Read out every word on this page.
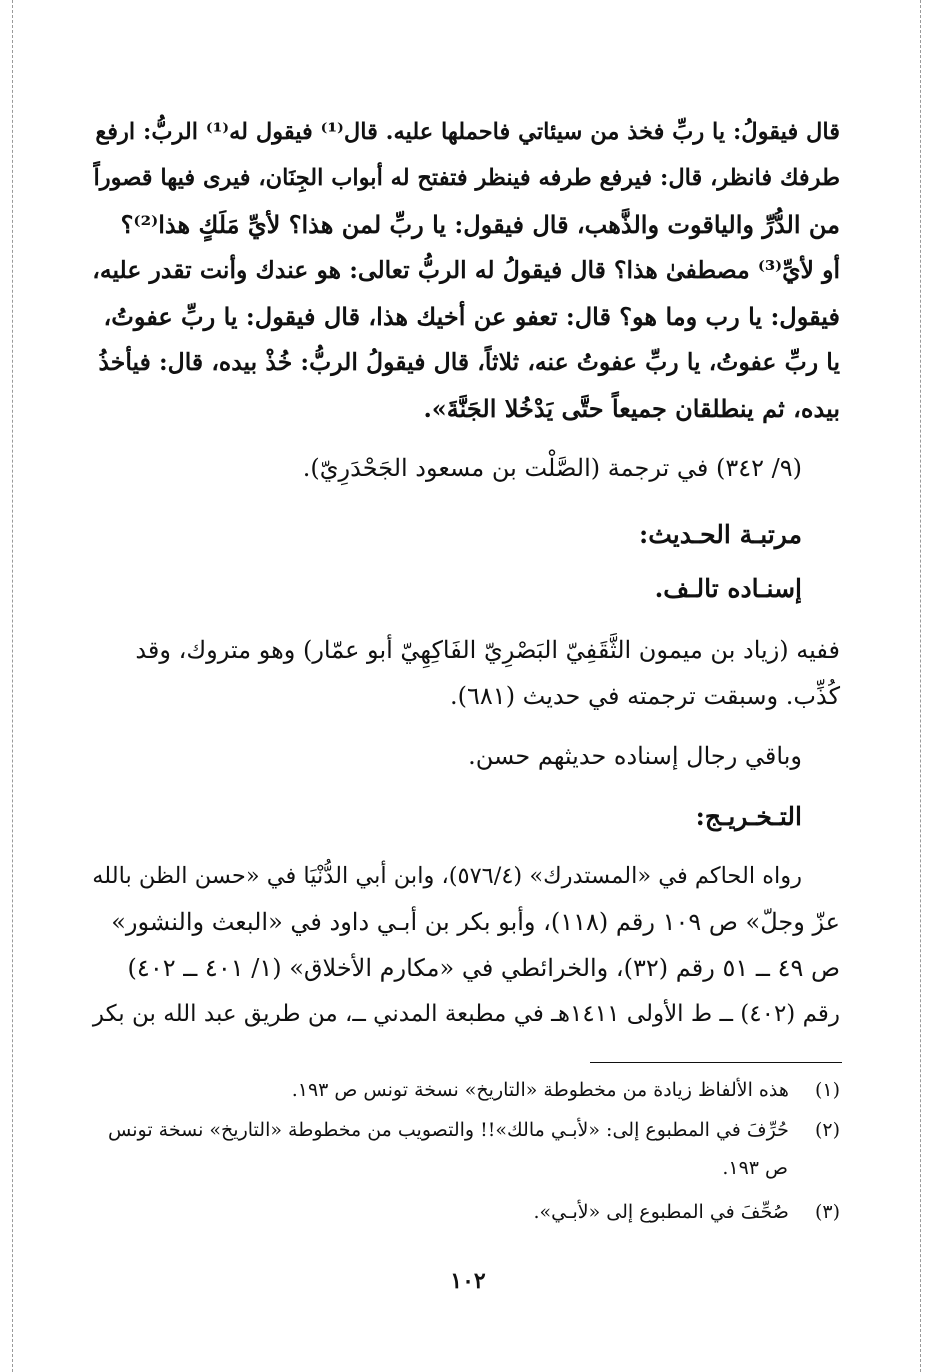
قال فيقولُ: يا ربِّ فخذ من سيئاتي فاحملها عليه. قال⁽¹⁾ فيقول له⁽¹⁾ الربُّ: ارفع
طرفك فانظر، قال: فيرفع طرفه فينظر فتفتح له أبواب الجِنَان، فيرى فيها قصوراً
من الدُّرِّ والياقوت والذَّهب، قال فيقول: يا ربِّ لمن هذا؟ لأيِّ مَلَكٍ هذا⁽²⁾؟
أو لأيِّ⁽³⁾ مصطفىٰ هذا؟ قال فيقولُ له الربُّ تعالى: هو عندك وأنت تقدر عليه،
فيقول: يا رب وما هو؟ قال: تعفو عن أخيك هذا، قال فيقول: يا ربِّ عفوتُ،
يا ربِّ عفوتُ، يا ربِّ عفوتُ عنه، ثلاثاً، قال فيقولُ الربُّ: خُذْ بيده، قال: فيأخذُ
بيده، ثم ينطلقان جميعاً حتَّى يَدْخُلا الجَنَّةَ».
(٩/ ٣٤٢) في ترجمة (الصَّلْت بن مسعود الجَحْدَرِيّ).
مرتبـة الحـديث:
إسنـاده تالـف.
ففيه (زياد بن ميمون الثَّقَفِيّ البَصْرِيّ الفَاكِهِيّ أبو عمّار) وهو متروك، وقد
كُذِّب. وسبقت ترجمته في حديث (٦٨١).
وباقي رجال إسناده حديثهم حسن.
التـخـريـج:
رواه الحاكم في «المستدرك» (٥٧٦/٤)، وابن أبي الدُّنْيَا في «حسن الظن بالله
عزّ وجلّ» ص ١٠٩ رقم (١١٨)، وأبو بكر بن أبـي داود في «البعث والنشور»
ص ٤٩ ــ ٥١ رقم (٣٢)، والخرائطي في «مكارم الأخلاق» (١/ ٤٠١ ــ ٤٠٢)
رقم (٤٠٢) ــ ط الأولى ١٤١١هـ في مطبعة المدني ــ، من طريق عبد الله بن بكر
(١)  هذه الألفاظ زيادة من مخطوطة «التاريخ» نسخة تونس ص ١٩٣.
(٢)  حُرِّفَ في المطبوع إلى: «لأبـي مالك»!! والتصويب من مخطوطة «التاريخ» نسخة تونس
ص ١٩٣.
(٣)  صُحِّفَ في المطبوع إلى «لأبـي».
١٠٢
